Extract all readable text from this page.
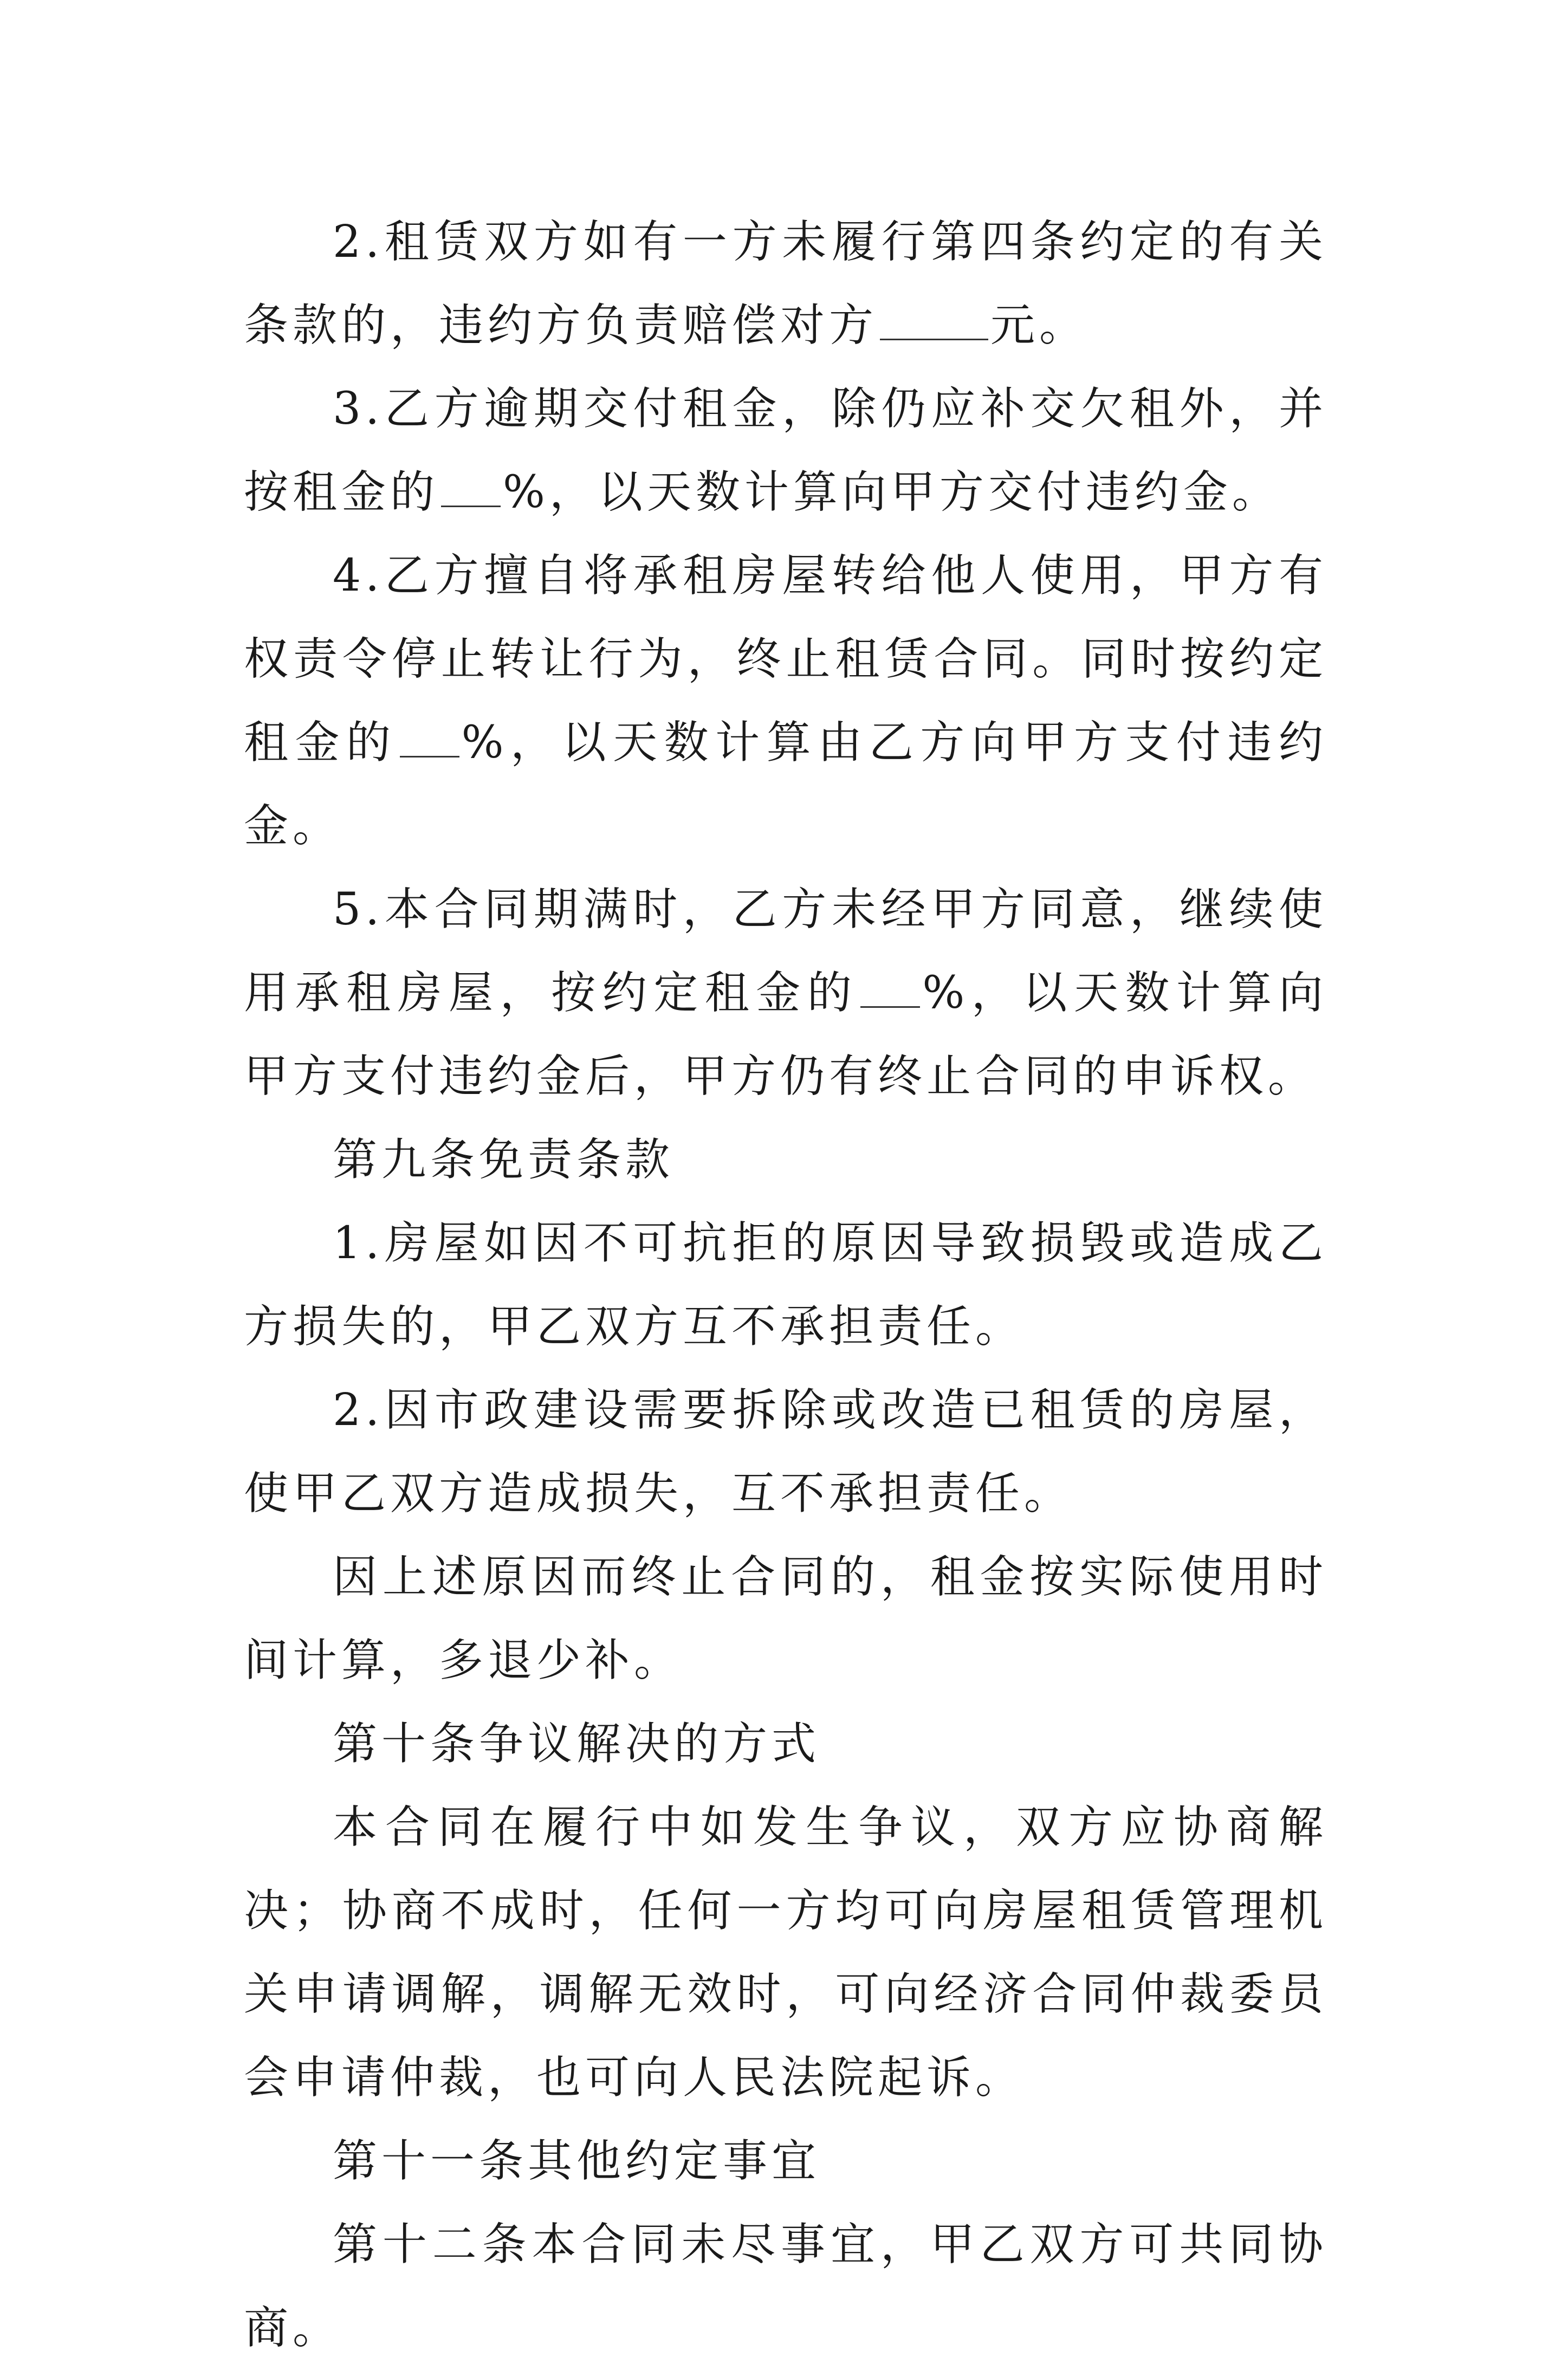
2.租赁双方如有一方未履行第四条约定的有关条款的，违约方负责赔偿对方	元。

3.乙方逾期交付租金，除仍应补交欠租外，并按租金的 %，以天数计算向甲方交付违约金。

4.乙方擅自将承租房屋转给他人使用，甲方有权责令停止转让行为，终止租赁合同。同时按约定租金的 %，以天数计算由乙方向甲方支付违约金。

5.本合同期满时，乙方未经甲方同意，继续使用承租房屋，按约定租金的 %，以天数计算向甲方支付违约金后，甲方仍有终止合同的申诉权。

第九条免责条款

1.房屋如因不可抗拒的原因导致损毁或造成乙方损失的，甲乙双方互不承担责任。

2.因市政建设需要拆除或改造已租赁的房屋，使甲乙双方造成损失，互不承担责任。

因上述原因而终止合同的，租金按实际使用时间计算，多退少补。

第十条争议解决的方式

本合同在履行中如发生争议，双方应协商解决；协商不成时，任何一方均可向房屋租赁管理机关申请调解，调解无效时，可向经济合同仲裁委员会申请仲裁，也可向人民法院起诉。

第十一条其他约定事宜

第十二条本合同未尽事宜，甲乙双方可共同协商。
